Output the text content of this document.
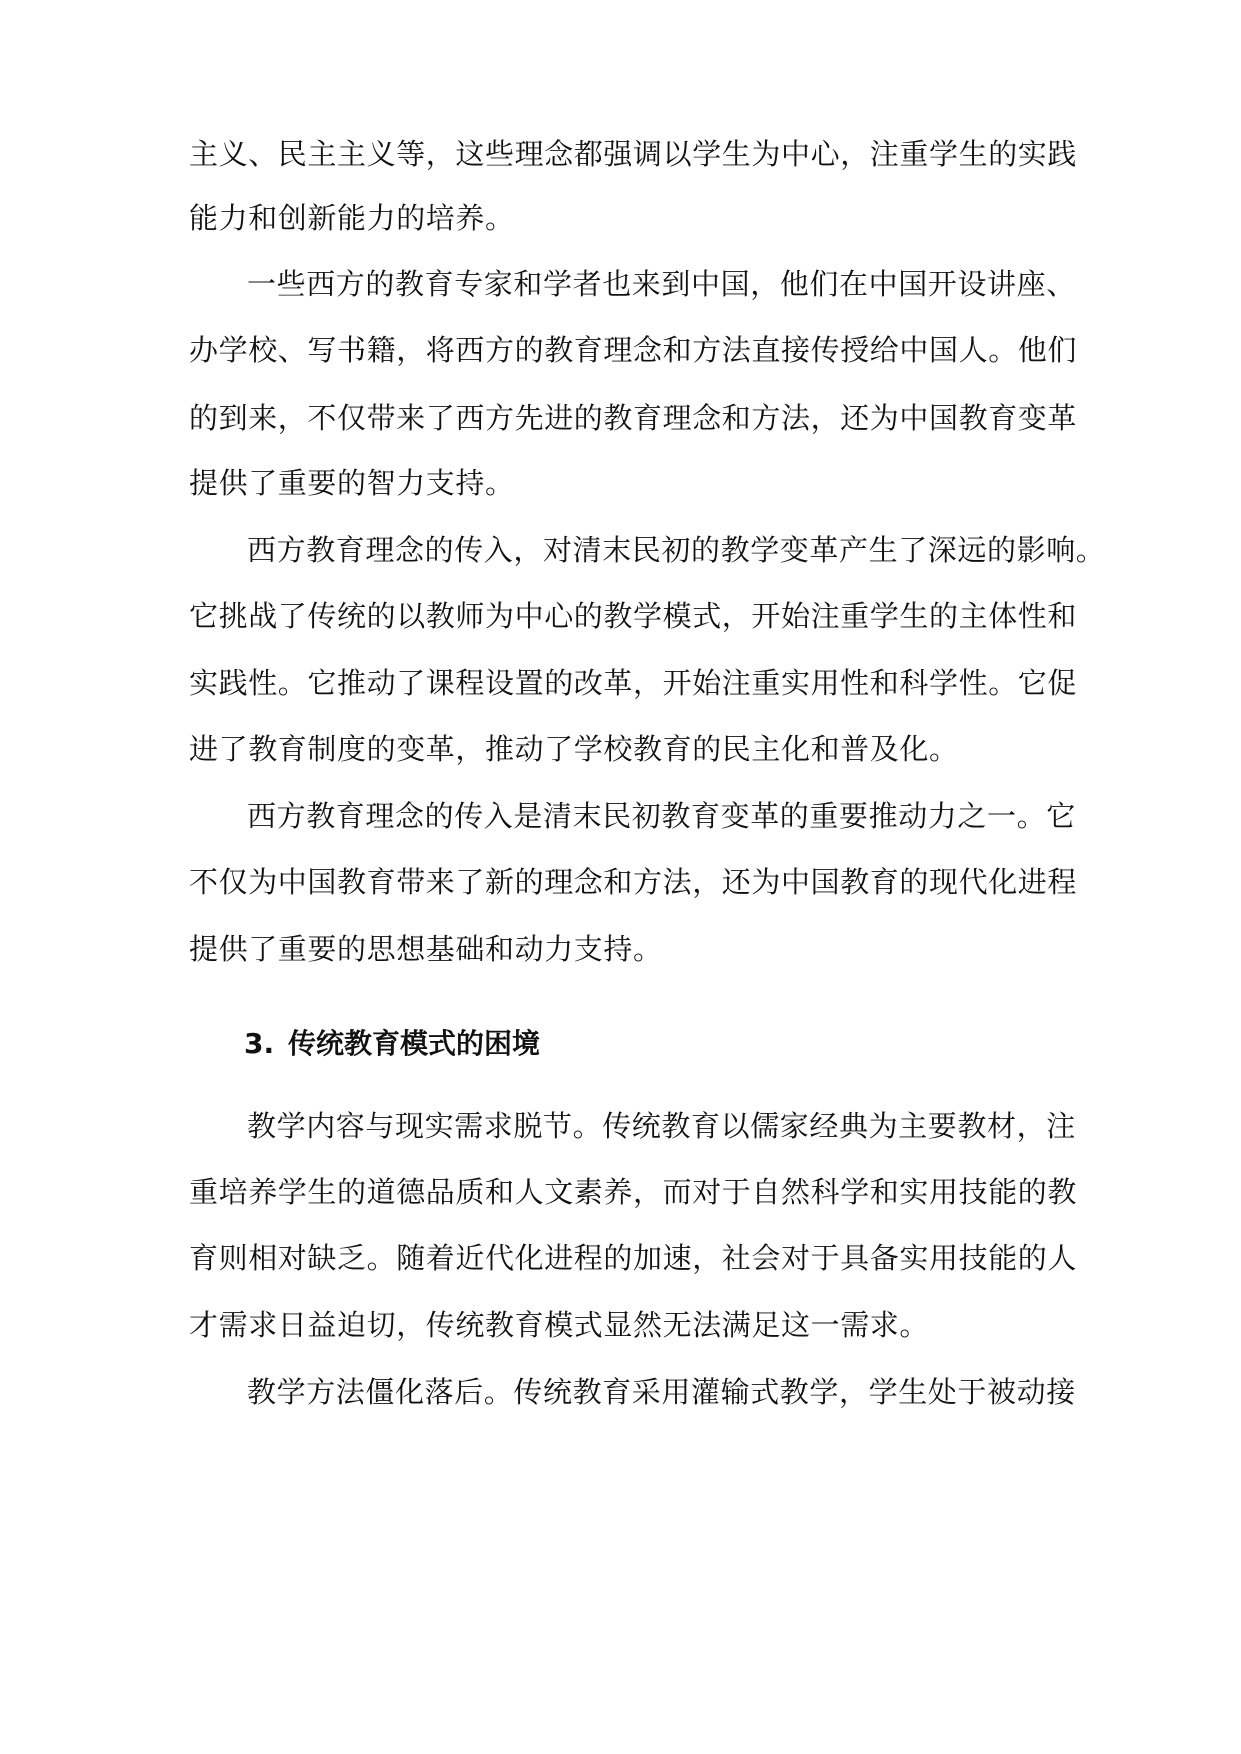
主义、民主主义等，这些理念都强调以学生为中心，注重学生的实践
能力和创新能力的培养。
一些西方的教育专家和学者也来到中国，他们在中国开设讲座、
办学校、写书籍，将西方的教育理念和方法直接传授给中国人。他们
的到来，不仅带来了西方先进的教育理念和方法，还为中国教育变革
提供了重要的智力支持。
西方教育理念的传入，对清末民初的教学变革产生了深远的影响。
它挑战了传统的以教师为中心的教学模式，开始注重学生的主体性和
实践性。它推动了课程设置的改革，开始注重实用性和科学性。它促
进了教育制度的变革，推动了学校教育的民主化和普及化。
西方教育理念的传入是清末民初教育变革的重要推动力之一。它
不仅为中国教育带来了新的理念和方法，还为中国教育的现代化进程
提供了重要的思想基础和动力支持。
3. 传统教育模式的困境
教学内容与现实需求脱节。传统教育以儒家经典为主要教材，注
重培养学生的道德品质和人文素养，而对于自然科学和实用技能的教
育则相对缺乏。随着近代化进程的加速，社会对于具备实用技能的人
才需求日益迫切，传统教育模式显然无法满足这一需求。
教学方法僵化落后。传统教育采用灌输式教学，学生处于被动接
